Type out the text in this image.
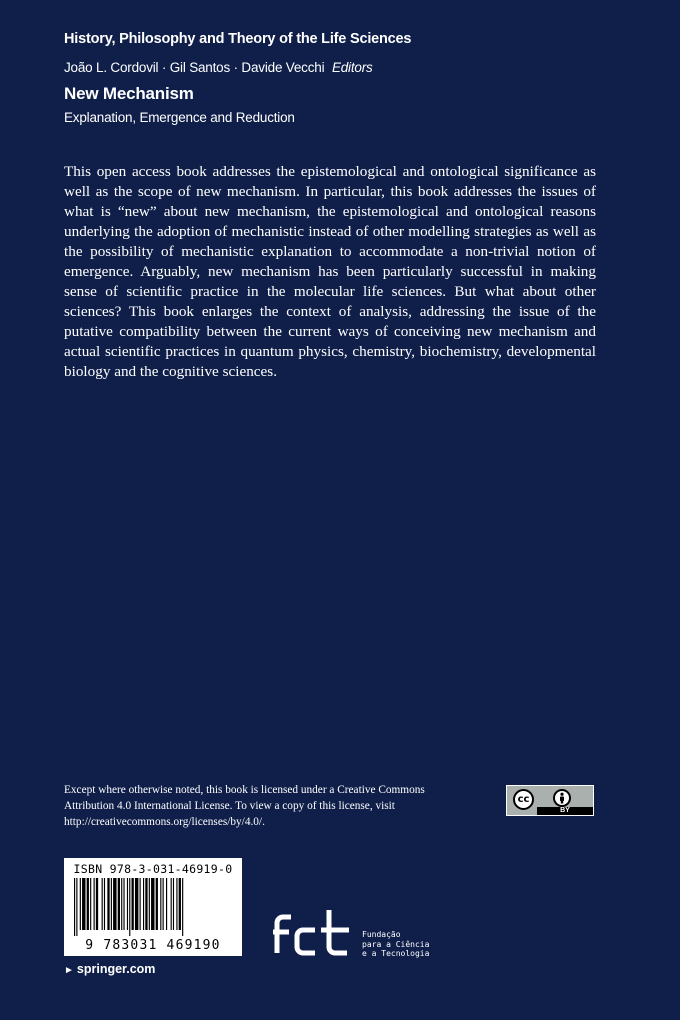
History, Philosophy and Theory of the Life Sciences
João L. Cordovil · Gil Santos · Davide Vecchi Editors
New Mechanism
Explanation, Emergence and Reduction

This open access book addresses the epistemological and ontological significance as well as the scope of new mechanism. In particular, this book addresses the issues of what is “new” about new mechanism, the epistemological and ontological reasons underlying the adoption of mechanistic instead of other modelling strategies as well as the possibility of mechanistic explanation to accommodate a non-trivial notion of emergence. Arguably, new mechanism has been particularly successful in making sense of scientific practice in the molecular life sciences. But what about other sciences? This book enlarges the context of analysis, addressing the issue of the putative compatibility between the current ways of conceiving new mechanism and actual scientific practices in quantum physics, chemistry, biochemistry, developmental biology and the cognitive sciences.

Except where otherwise noted, this book is licensed under a Creative Commons Attribution 4.0 International License. To view a copy of this license, visit http://creativecommons.org/licenses/by/4.0/.

cc
BY
ISBN 978-3-031-46919-0
9 783031 469190
► springer.com
Fundação
para a Ciência
e a Tecnologia
